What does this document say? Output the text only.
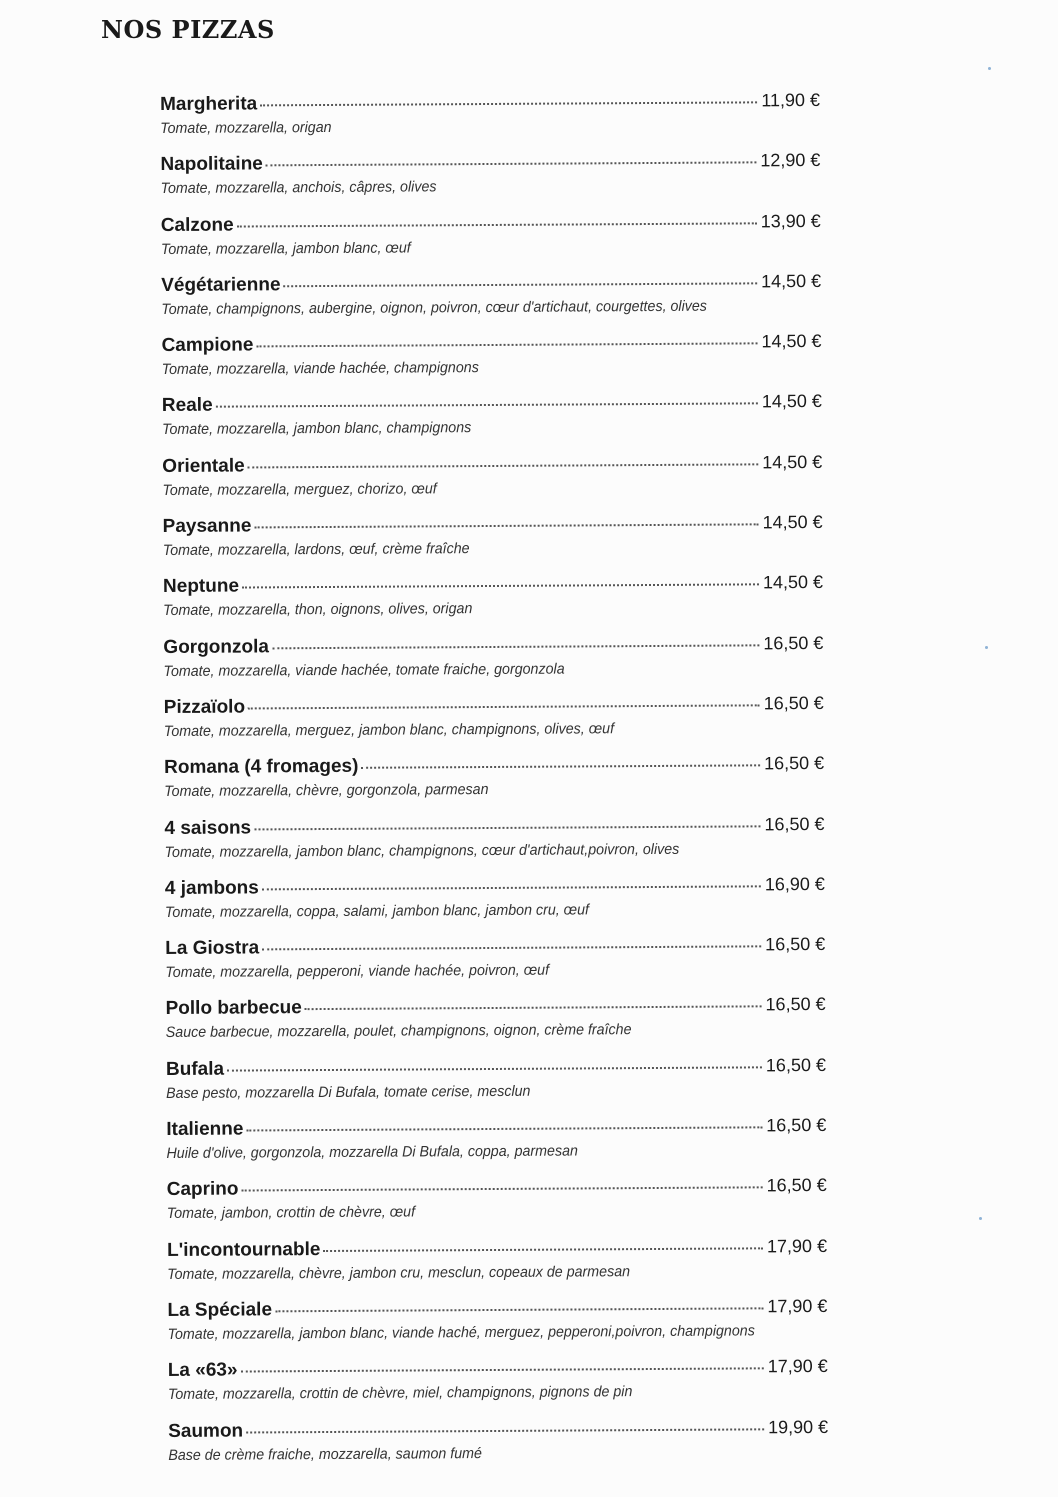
NOS PIZZAS
Margherita	11,90 €
Tomate, mozzarella, origan
Napolitaine	12,90 €
Tomate, mozzarella, anchois, câpres, olives
Calzone	13,90 €
Tomate, mozzarella, jambon blanc, œuf
Végétarienne	14,50 €
Tomate, champignons, aubergine, oignon, poivron, cœur d'artichaut, courgettes, olives
Campione	14,50 €
Tomate, mozzarella, viande hachée, champignons
Reale	14,50 €
Tomate, mozzarella, jambon blanc, champignons
Orientale	14,50 €
Tomate, mozzarella, merguez, chorizo, œuf
Paysanne	14,50 €
Tomate, mozzarella, lardons, œuf, crème fraîche
Neptune	14,50 €
Tomate, mozzarella, thon, oignons, olives, origan
Gorgonzola	16,50 €
Tomate, mozzarella, viande hachée, tomate fraiche, gorgonzola
Pizzaïolo	16,50 €
Tomate, mozzarella, merguez, jambon blanc, champignons, olives, œuf
Romana (4 fromages)	16,50 €
Tomate, mozzarella, chèvre, gorgonzola, parmesan
4 saisons	16,50 €
Tomate, mozzarella, jambon blanc, champignons, cœur d'artichaut,poivron, olives
4 jambons	16,90 €
Tomate, mozzarella, coppa, salami, jambon blanc, jambon cru, œuf
La Giostra	16,50 €
Tomate, mozzarella, pepperoni, viande hachée, poivron, œuf
Pollo barbecue	16,50 €
Sauce barbecue, mozzarella, poulet, champignons, oignon, crème fraîche
Bufala	16,50 €
Base pesto, mozzarella Di Bufala, tomate cerise, mesclun
Italienne	16,50 €
Huile d'olive, gorgonzola, mozzarella Di Bufala, coppa, parmesan
Caprino	16,50 €
Tomate, jambon, crottin de chèvre, œuf
L'incontournable	17,90 €
Tomate, mozzarella, chèvre, jambon cru, mesclun, copeaux de parmesan
La Spéciale	17,90 €
Tomate, mozzarella, jambon blanc, viande haché, merguez, pepperoni,poivron, champignons
La «63»	17,90 €
Tomate, mozzarella, crottin de chèvre, miel, champignons, pignons de pin
Saumon	19,90 €
Base de crème fraiche, mozzarella, saumon fumé
